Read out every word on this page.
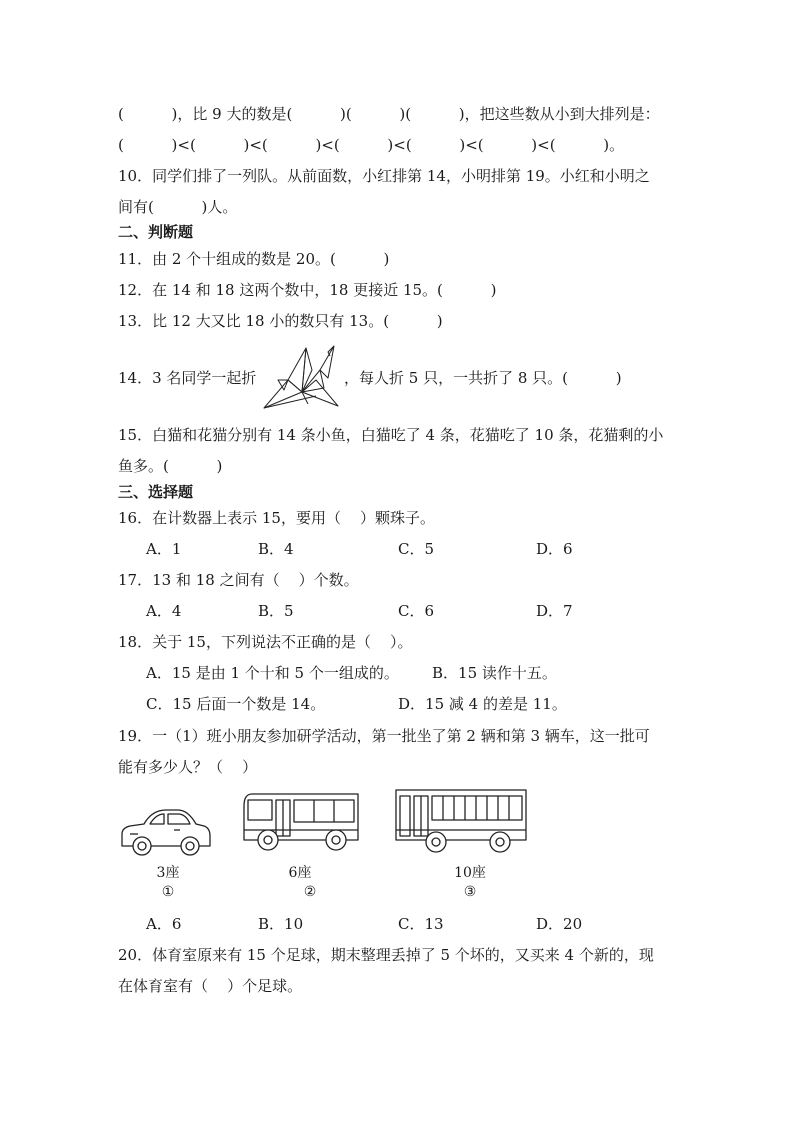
(          )，比 9 大的数是(          )(          )(          )，把这些数从小到大排列是：
(          )<(          )<(          )<(          )<(          )<(          )<(          )。
10．同学们排了一列队。从前面数，小红排第 14，小明排第 19。小红和小明之
间有(          )人。
二、判断题
11．由 2 个十组成的数是 20。(          )
12．在 14 和 18 这两个数中，18 更接近 15。(          )
13．比 12 大又比 18 小的数只有 13。(          )
14．3 名同学一起折	，每人折 5 只，一共折了 8 只。(          )
15．白猫和花猫分别有 14 条小鱼，白猫吃了 4 条，花猫吃了 10 条，花猫剩的小
鱼多。(          )
三、选择题
16．在计数器上表示 15，要用（    ）颗珠子。
A．1	B．4	C．5	D．6
17．13 和 18 之间有（    ）个数。
A．4	B．5	C．6	D．7
18．关于 15，下列说法不正确的是（    ）。
A．15 是由 1 个十和 5 个一组成的。 B．15 读作十五。
C．15 后面一个数是 14。	D．15 减 4 的差是 11。
19．一（1）班小朋友参加研学活动，第一批坐了第 2 辆和第 3 辆车，这一批可
能有多少人？（    ）
3座
①
6座
②
10座
③
A．6	B．10	C．13	D．20
20．体育室原来有 15 个足球，期末整理丢掉了 5 个坏的，又买来 4 个新的，现
在体育室有（    ）个足球。
